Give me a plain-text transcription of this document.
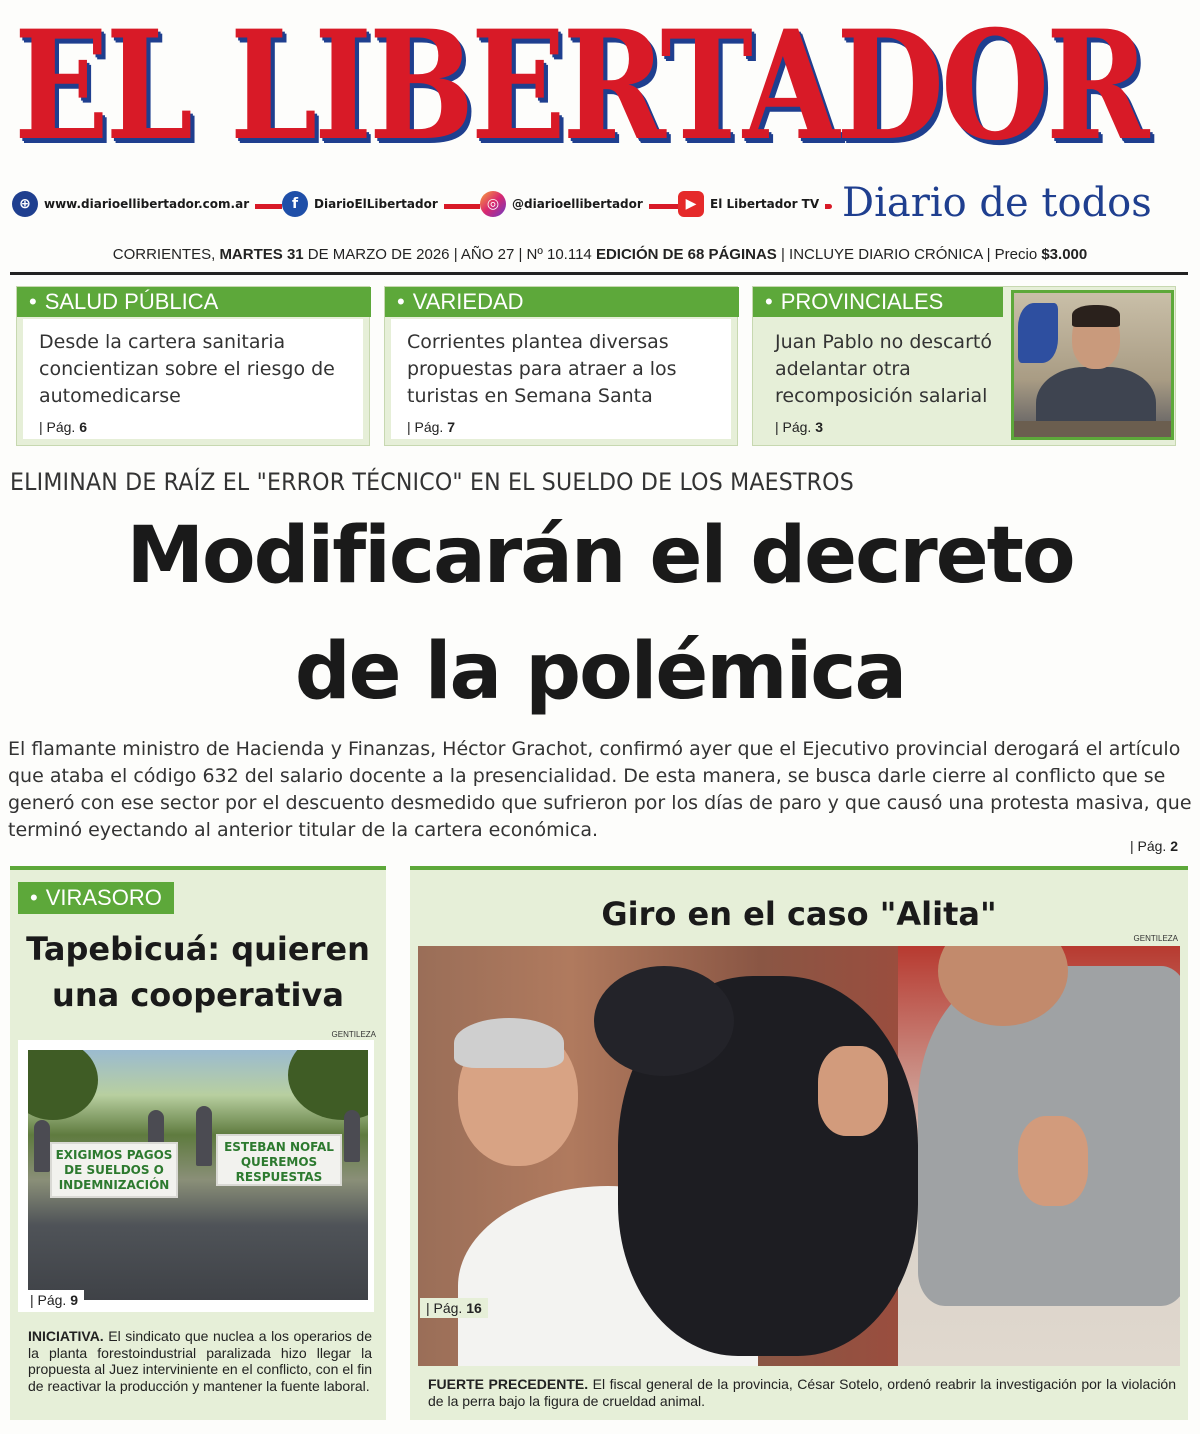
EL LIBERTADOR
⊕	www.diarioellibertador.com.ar	f	DiarioElLibertador	◎	@diarioellibertador	▶	El Libertador TV Diario de todos
CORRIENTES, MARTES 31 DE MARZO DE 2026 | AÑO 27 | Nº 10.114 EDICIÓN DE 68 PÁGINAS | INCLUYE DIARIO CRÓNICA | Precio $3.000
• SALUD PÚBLICA
Desde la cartera sanitaria concientizan sobre el riesgo de automedicarse
| Pág. 6
• VARIEDAD
Corrientes plantea diversas propuestas para atraer a los turistas en Semana Santa
| Pág. 7
• PROVINCIALES
Juan Pablo no descartó adelantar otra recomposición salarial
| Pág. 3
ELIMINAN DE RAÍZ EL "ERROR TÉCNICO" EN EL SUELDO DE LOS MAESTROS
Modificarán el decreto
de la polémica
El flamante ministro de Hacienda y Finanzas, Héctor Grachot, confirmó ayer que el Ejecutivo provincial derogará el artículo que ataba el código 632 del salario docente a la presencialidad. De esta manera, se busca darle cierre al conflicto que se generó con ese sector por el descuento desmedido que sufrieron por los días de paro y que causó una protesta masiva, que terminó eyectando al anterior titular de la cartera económica.
| Pág. 2
• VIRASORO
Tapebicuá: quieren
una cooperativa
GENTILEZA
EXIGIMOS PAGOS DE SUELDOS O INDEMNIZACIÓN
ESTEBAN NOFAL QUEREMOS RESPUESTAS
| Pág. 9
INICIATIVA. El sindicato que nuclea a los operarios de la planta forestoindustrial paralizada hizo llegar la propuesta al Juez interviniente en el conflicto, con el fin de reactivar la producción y mantener la fuente laboral.
Giro en el caso "Alita"
GENTILEZA
| Pág. 16
FUERTE PRECEDENTE. El fiscal general de la provincia, César Sotelo, ordenó reabrir la investigación por la violación de la perra bajo la figura de crueldad animal.
